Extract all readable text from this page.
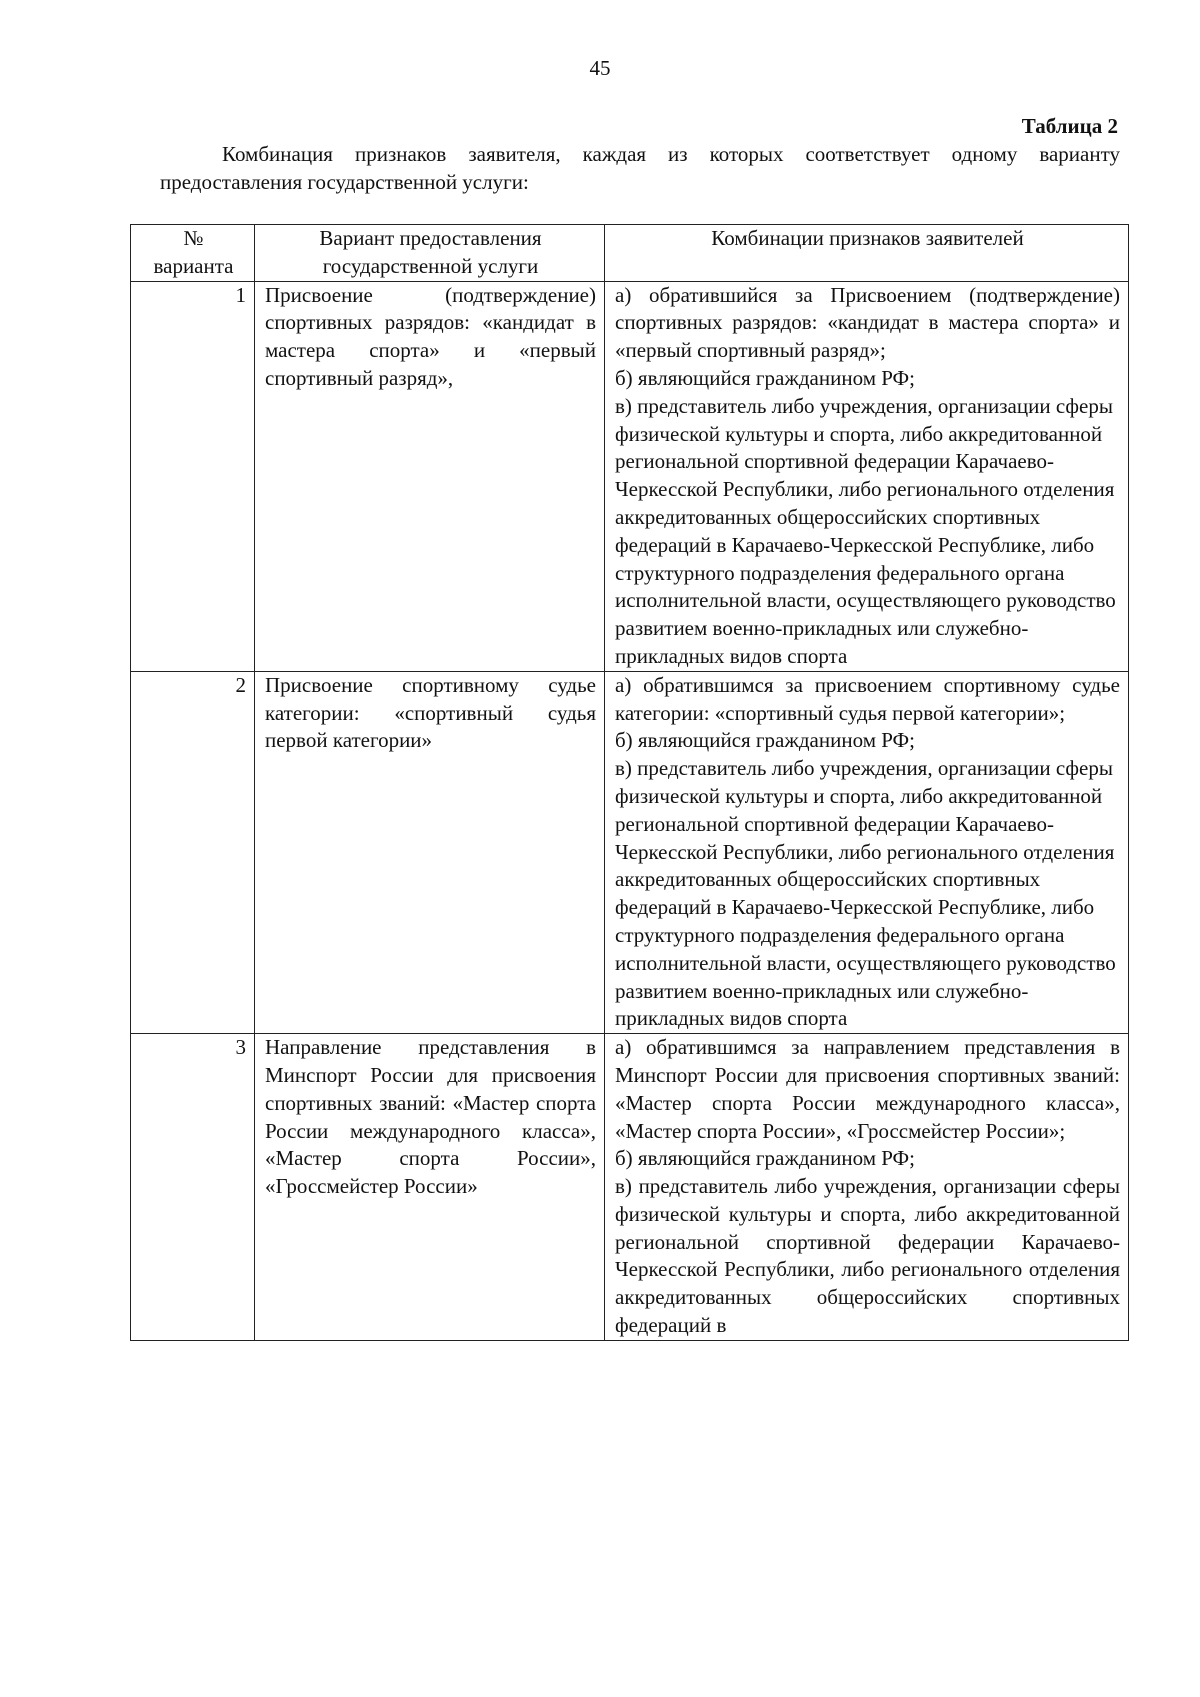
45
Таблица 2
Комбинация признаков заявителя, каждая из которых соответствует одному варианту предоставления государственной услуги:
№
варианта	Вариант предоставления государственной услуги	Комбинации признаков заявителей
1	Присвоение (подтверждение) спортивных разрядов: «кандидат в мастера спорта» и «первый спортивный разряд»,	а) обратившийся за Присвоением (подтверждение) спортивных разрядов: «кандидат в мастера спорта» и «первый спортивный разряд»;
б) являющийся гражданином РФ;
в) представитель либо учреждения, организации сферы физической культуры и спорта, либо аккредитованной региональной спортивной федерации Карачаево-Черкесской Республики, либо регионального отделения аккредитованных общероссийских спортивных федераций в Карачаево-Черкесской Республике, либо структурного подразделения федерального органа исполнительной власти, осуществляющего руководство развитием военно-прикладных или служебно-прикладных видов спорта

2	Присвоение спортивному судье категории: «спортивный судья первой категории»	а) обратившимся за присвоением спортивному судье категории: «спортивный судья первой категории»;
б) являющийся гражданином РФ;
в) представитель либо учреждения, организации сферы физической культуры и спорта, либо аккредитованной региональной спортивной федерации Карачаево-Черкесской Республики, либо регионального отделения аккредитованных общероссийских спортивных федераций в Карачаево-Черкесской Республике, либо структурного подразделения федерального органа исполнительной власти, осуществляющего руководство развитием военно-прикладных или служебно-прикладных видов спорта

3	Направление представления в Минспорт России для присвоения спортивных званий: «Мастер спорта России международного класса», «Мастер спорта России», «Гроссмейстер России»	а) обратившимся за направлением представления в Минспорт России для присвоения спортивных званий: «Мастер спорта России международного класса», «Мастер спорта России», «Гроссмейстер России»;
б) являющийся гражданином РФ;
в) представитель либо учреждения, организации сферы физической культуры и спорта, либо аккредитованной региональной спортивной федерации Карачаево-Черкесской Республики, либо регионального отделения аккредитованных общероссийских спортивных федераций в
